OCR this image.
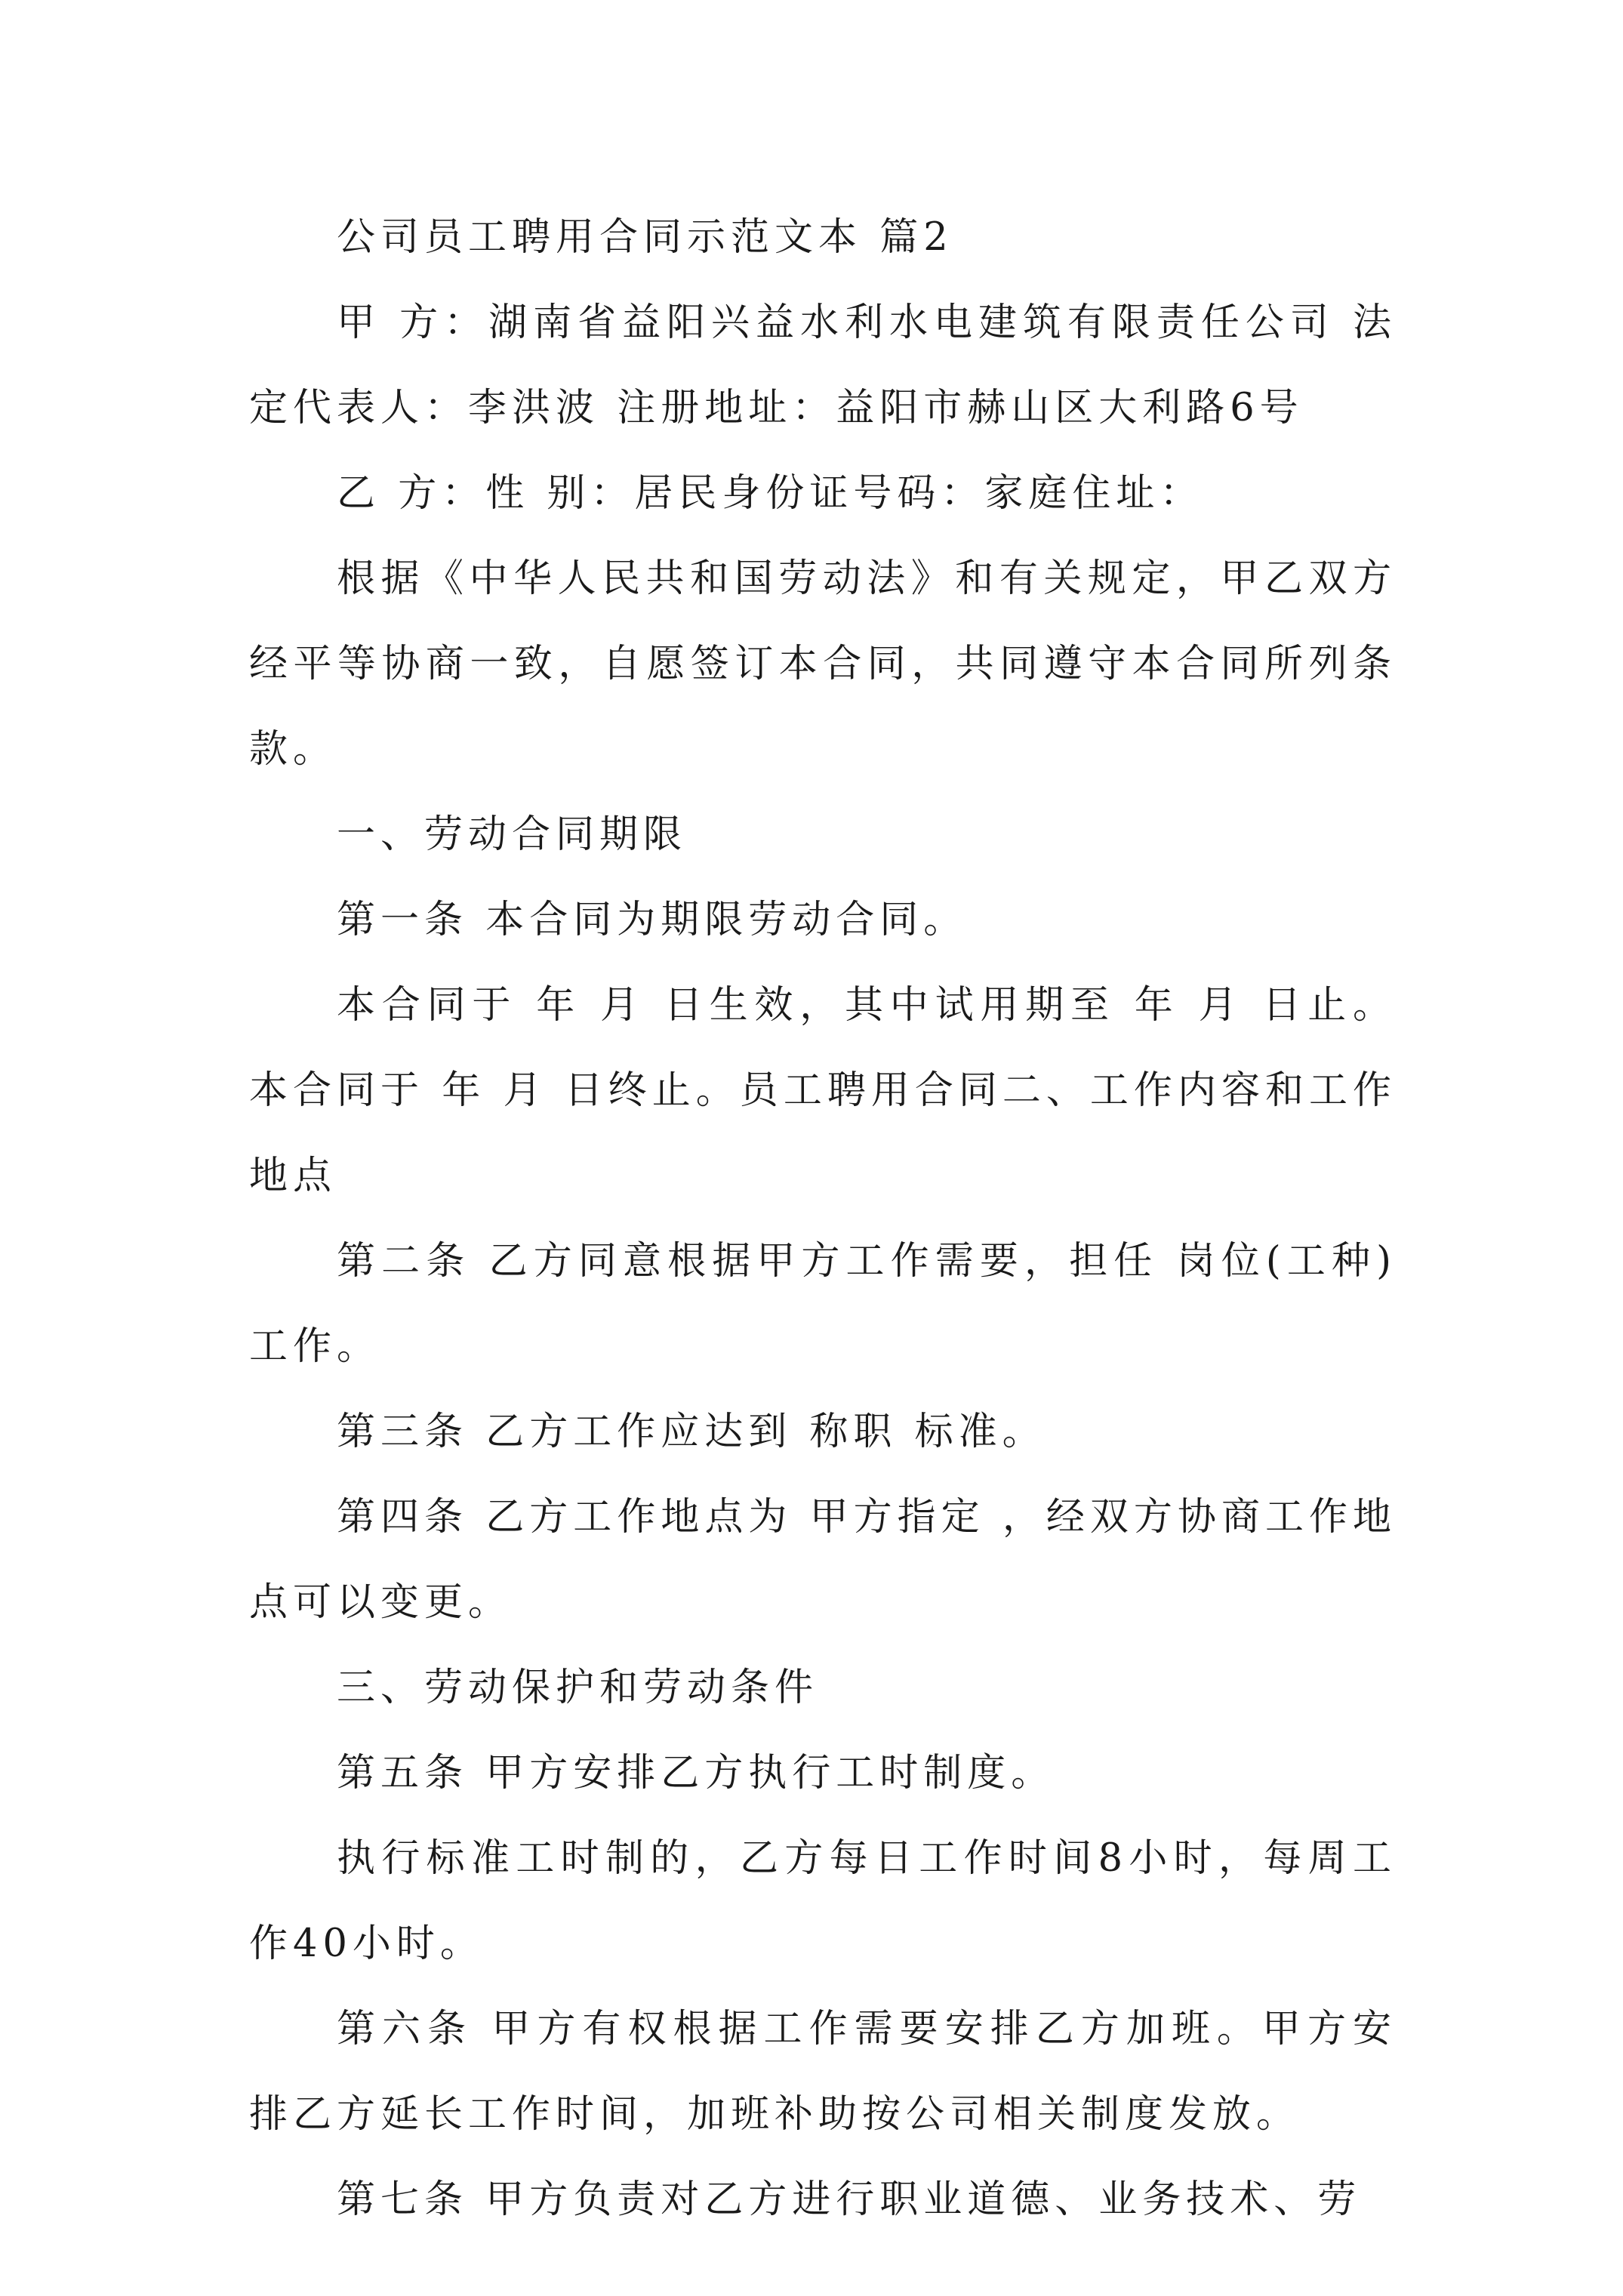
公司员工聘用合同示范文本 篇2

甲 方：湖南省益阳兴益水利水电建筑有限责任公司 法定代表人：李洪波 注册地址：益阳市赫山区大利路6号

乙 方：性 别：居民身份证号码：家庭住址：

根据《中华人民共和国劳动法》和有关规定，甲乙双方经平等协商一致，自愿签订本合同，共同遵守本合同所列条款。

一、劳动合同期限

第一条 本合同为期限劳动合同。

本合同于 年 月 日生效，其中试用期至 年 月 日止。本合同于 年 月 日终止。员工聘用合同二、工作内容和工作地点

第二条 乙方同意根据甲方工作需要，担任 岗位(工种)工作。

第三条 乙方工作应达到 称职 标准。

第四条 乙方工作地点为 甲方指定 ，经双方协商工作地点可以变更。

三、劳动保护和劳动条件

第五条 甲方安排乙方执行工时制度。

执行标准工时制的，乙方每日工作时间8小时，每周工作40小时。

第六条 甲方有权根据工作需要安排乙方加班。甲方安排乙方延长工作时间，加班补助按公司相关制度发放。

第七条 甲方负责对乙方进行职业道德、业务技术、劳
